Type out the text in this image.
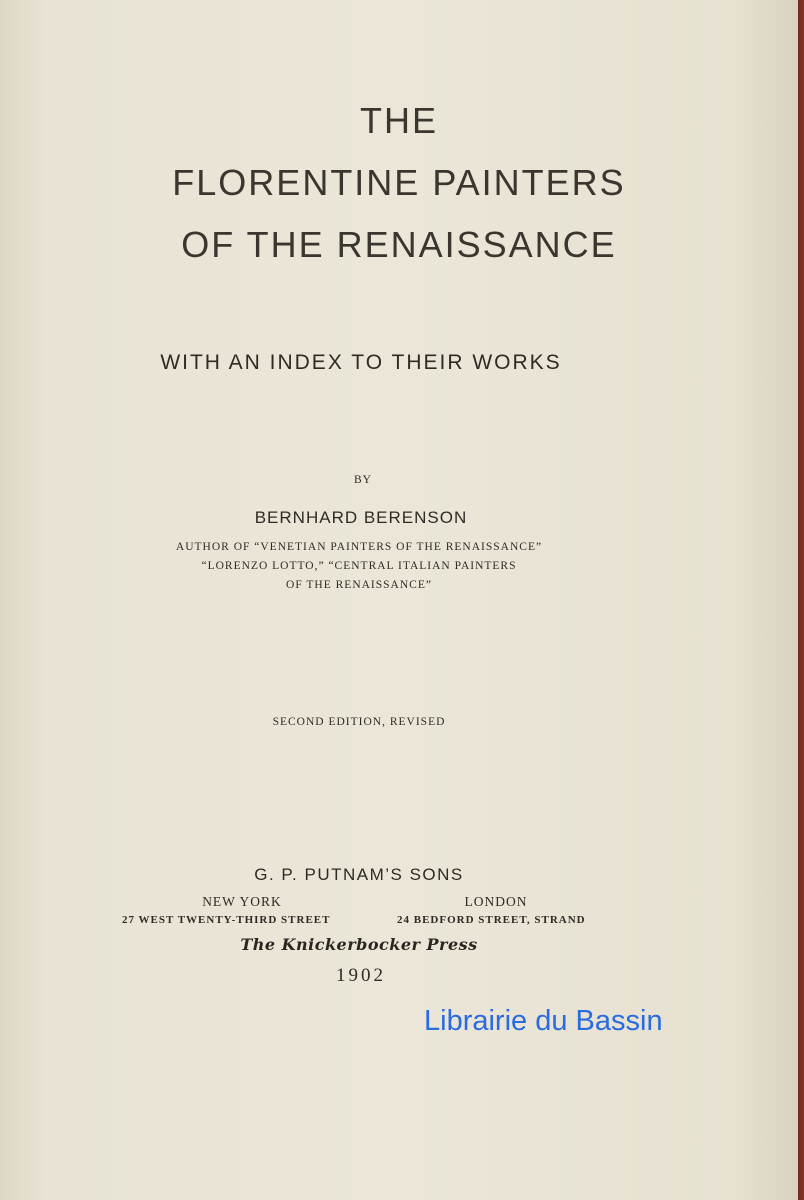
THE
FLORENTINE PAINTERS
OF THE RENAISSANCE
WITH AN INDEX TO THEIR WORKS
BY
BERNHARD BERENSON
AUTHOR OF “VENETIAN PAINTERS OF THE RENAISSANCE”
“LORENZO LOTTO,” “CENTRAL ITALIAN PAINTERS
OF THE RENAISSANCE”
SECOND EDITION, REVISED
G. P. PUTNAM’S SONS
NEW YORK
27 WEST TWENTY-THIRD STREET
LONDON
24 BEDFORD STREET, STRAND
The Knickerbocker Press
1902
Librairie du Bassin
